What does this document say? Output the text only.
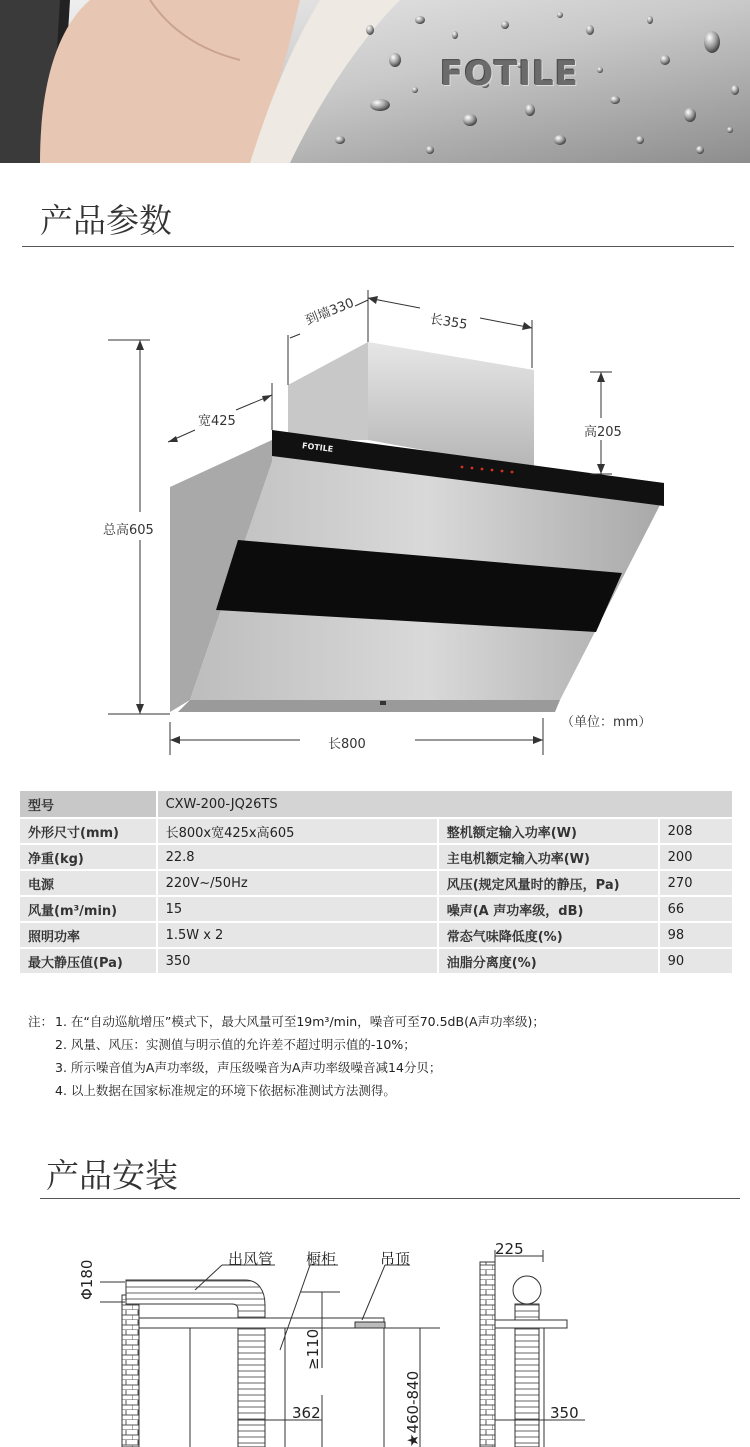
FOTILE
产品参数
到墙330	长355
宽425
高205
总高605
长800
（单位：mm）
FOTILE
型号	CXW-200-JQ26TS		
外形尺寸(mm)	长800x宽425x高605	整机额定输入功率(W)	208
净重(kg)	22.8	主电机额定输入功率(W)	200
电源	220V~/50Hz	风压(规定风量时的静压，Pa)	270
风量(m³/min)	15	噪声(A 声功率级，dB)	66
照明功率	1.5W x 2	常态气味降低度(%)	98
最大静压值(Pa)	350	油脂分离度(%)	90
注： 1. 在“自动巡航增压”模式下，最大风量可至19m³/min，噪音可至70.5dB(A声功率级)；
2. 风量、风压：实测值与明示值的允许差不超过明示值的-10%；
3. 所示噪音值为A声功率级，声压级噪音为A声功率级噪音减14分贝；
4. 以上数据在国家标准规定的环境下依据标准测试方法测得。
产品安装
出风管 橱柜	吊顶
Φ180
≥110
★460-840
362
225
350
